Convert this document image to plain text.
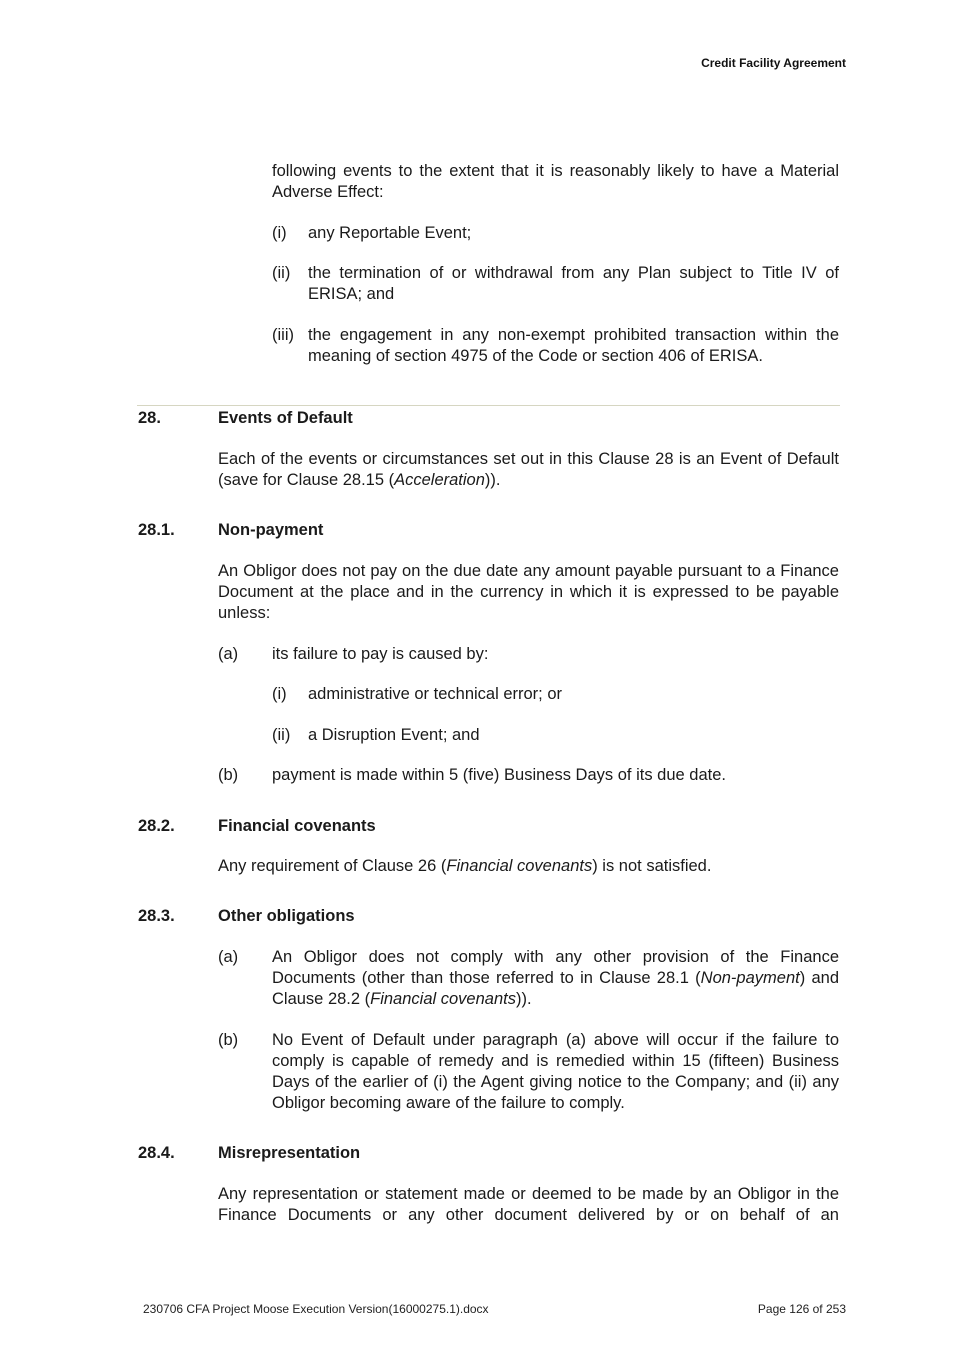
Credit Facility Agreement
following events to the extent that it is reasonably likely to have a Material Adverse Effect:
(i) any Reportable Event;
(ii) the termination of or withdrawal from any Plan subject to Title IV of ERISA; and
(iii) the engagement in any non-exempt prohibited transaction within the meaning of section 4975 of the Code or section 406 of ERISA.
28.	Events of Default
Each of the events or circumstances set out in this Clause 28 is an Event of Default (save for Clause 28.15 (Acceleration)).
28.1.	Non-payment
An Obligor does not pay on the due date any amount payable pursuant to a Finance Document at the place and in the currency in which it is expressed to be payable unless:
(a) its failure to pay is caused by:
(i) administrative or technical error; or
(ii) a Disruption Event; and
(b) payment is made within 5 (five) Business Days of its due date.
28.2.	Financial covenants
Any requirement of Clause 26 (Financial covenants) is not satisfied.
28.3.	Other obligations
(a) An Obligor does not comply with any other provision of the Finance Documents (other than those referred to in Clause 28.1 (Non-payment) and Clause 28.2 (Financial covenants)).
(b) No Event of Default under paragraph (a) above will occur if the failure to comply is capable of remedy and is remedied within 15 (fifteen) Business Days of the earlier of (i) the Agent giving notice to the Company; and (ii) any Obligor becoming aware of the failure to comply.
28.4.	Misrepresentation
Any representation or statement made or deemed to be made by an Obligor in the Finance Documents or any other document delivered by or on behalf of an
230706 CFA Project Moose Execution Version(16000275.1).docx	Page 126 of 253
